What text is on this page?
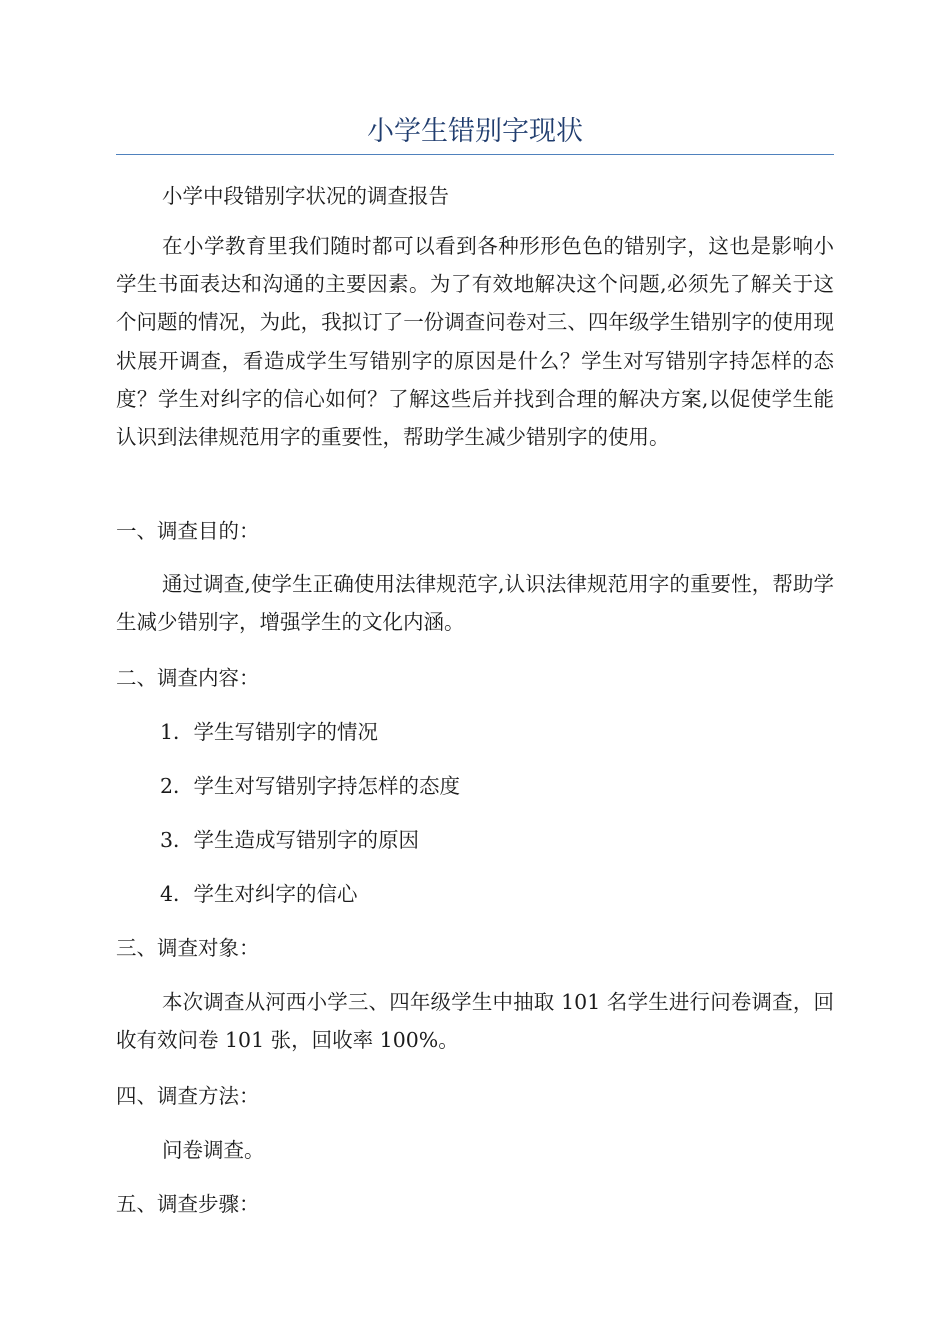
小学生错别字现状

小学中段错别字状况的调查报告

在小学教育里我们随时都可以看到各种形形色色的错别字，这也是影响小学生书面表达和沟通的主要因素。为了有效地解决这个问题,必须先了解关于这个问题的情况，为此，我拟订了一份调查问卷对三、四年级学生错别字的使用现状展开调查，看造成学生写错别字的原因是什么？学生对写错别字持怎样的态度？学生对纠字的信心如何？了解这些后并找到合理的解决方案,以促使学生能认识到法律规范用字的重要性，帮助学生减少错别字的使用。

一、调查目的：

通过调查,使学生正确使用法律规范字,认识法律规范用字的重要性，帮助学生减少错别字，增强学生的文化内涵。

二、调查内容：

1．学生写错别字的情况

2．学生对写错别字持怎样的态度

3．学生造成写错别字的原因

4．学生对纠字的信心

三、调查对象：

本次调查从河西小学三、四年级学生中抽取 101 名学生进行问卷调查，回收有效问卷 101 张，回收率 100%。

四、调查方法：

问卷调查。

五、调查步骤：
